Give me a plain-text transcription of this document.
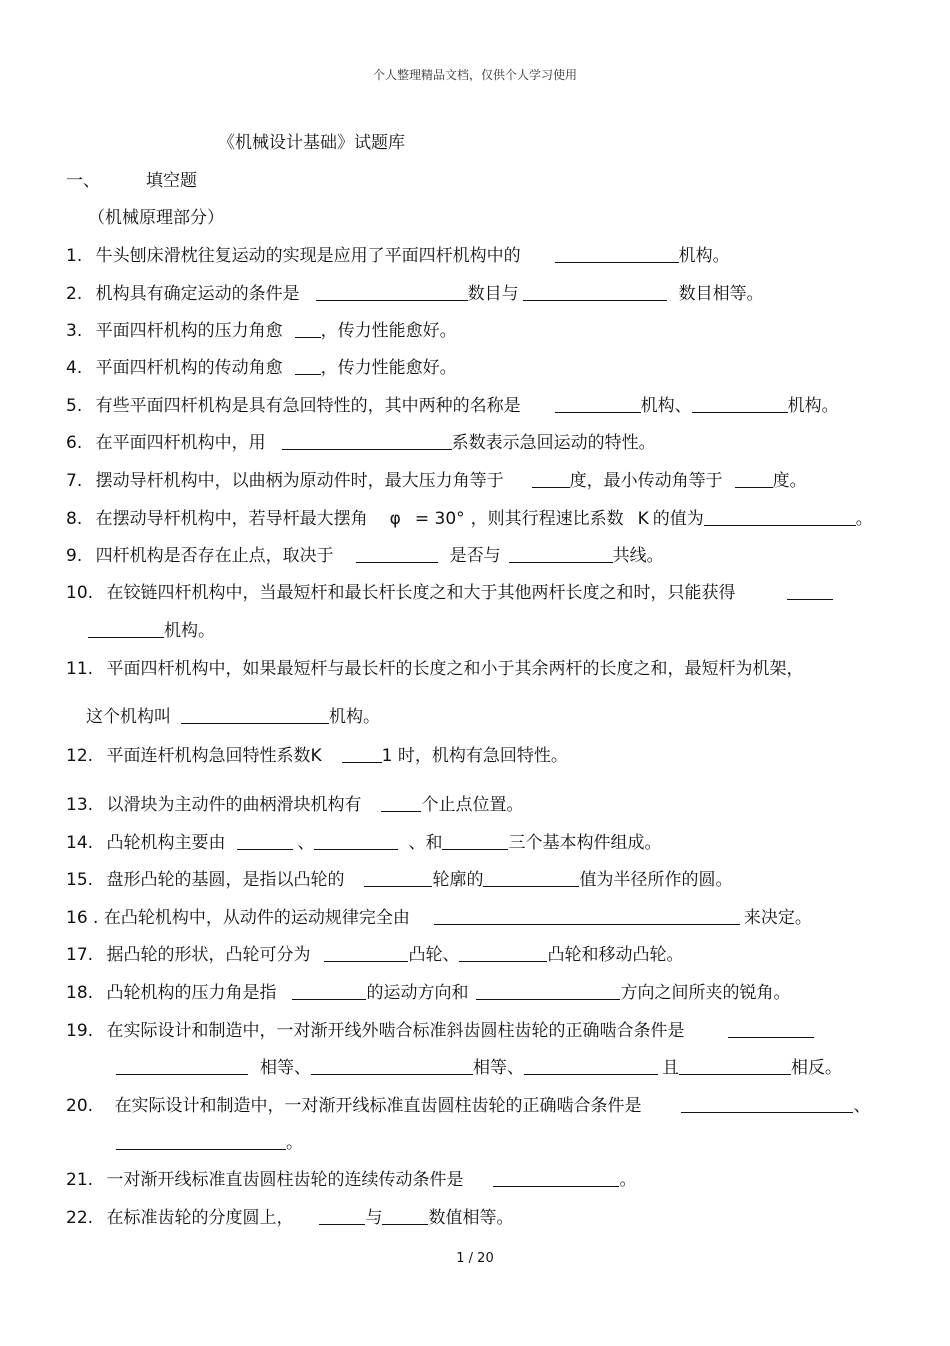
个人整理精品文档，仅供个人学习使用
《机械设计基础》试题库
一、	填空题
（机械原理部分）
1. 牛头刨床滑枕往复运动的实现是应用了平面四杆机构中的	机构。
2. 机构具有确定运动的条件是	数目与	数目相等。
3. 平面四杆机构的压力角愈 ，传力性能愈好。
4. 平面四杆机构的传动角愈 ，传力性能愈好。
5. 有些平面四杆机构是具有急回特性的，其中两种的名称是	机构、	机构。
6. 在平面四杆机构中，用	系数表示急回运动的特性。
7. 摆动导杆机构中，以曲柄为原动件时，最大压力角等于	度，最小传动角等于	度。
8. 在摆动导杆机构中，若导杆最大摆角 φ = 30° ，则其行程速比系数 K 的值为	。
9. 四杆机构是否存在止点，取决于	是否与	共线。
10. 在铰链四杆机构中，当最短杆和最长杆长度之和大于其他两杆长度之和时，只能获得
机构。
11. 平面四杆机构中，如果最短杆与最长杆的长度之和小于其余两杆的长度之和，最短杆为机架，
这个机构叫	机构。
12. 平面连杆机构急回特性系数K	1 时，机构有急回特性。
13. 以滑块为主动件的曲柄滑块机构有	个止点位置。
14. 凸轮机构主要由	、	、和	三个基本构件组成。
15. 盘形凸轮的基圆，是指以凸轮的	轮廓的	值为半径所作的圆。
16 . 在凸轮机构中，从动件的运动规律完全由	来决定。
17. 据凸轮的形状，凸轮可分为	凸轮、	凸轮和移动凸轮。
18. 凸轮机构的压力角是指	的运动方向和	方向之间所夹的锐角。
19. 在实际设计和制造中，一对渐开线外啮合标准斜齿圆柱齿轮的正确啮合条件是
相等、	相等、	且	相反。
20. 在实际设计和制造中，一对渐开线标准直齿圆柱齿轮的正确啮合条件是	、
。
21. 一对渐开线标准直齿圆柱齿轮的连续传动条件是	。
22. 在标准齿轮的分度圆上，	与	数值相等。
1 / 20
